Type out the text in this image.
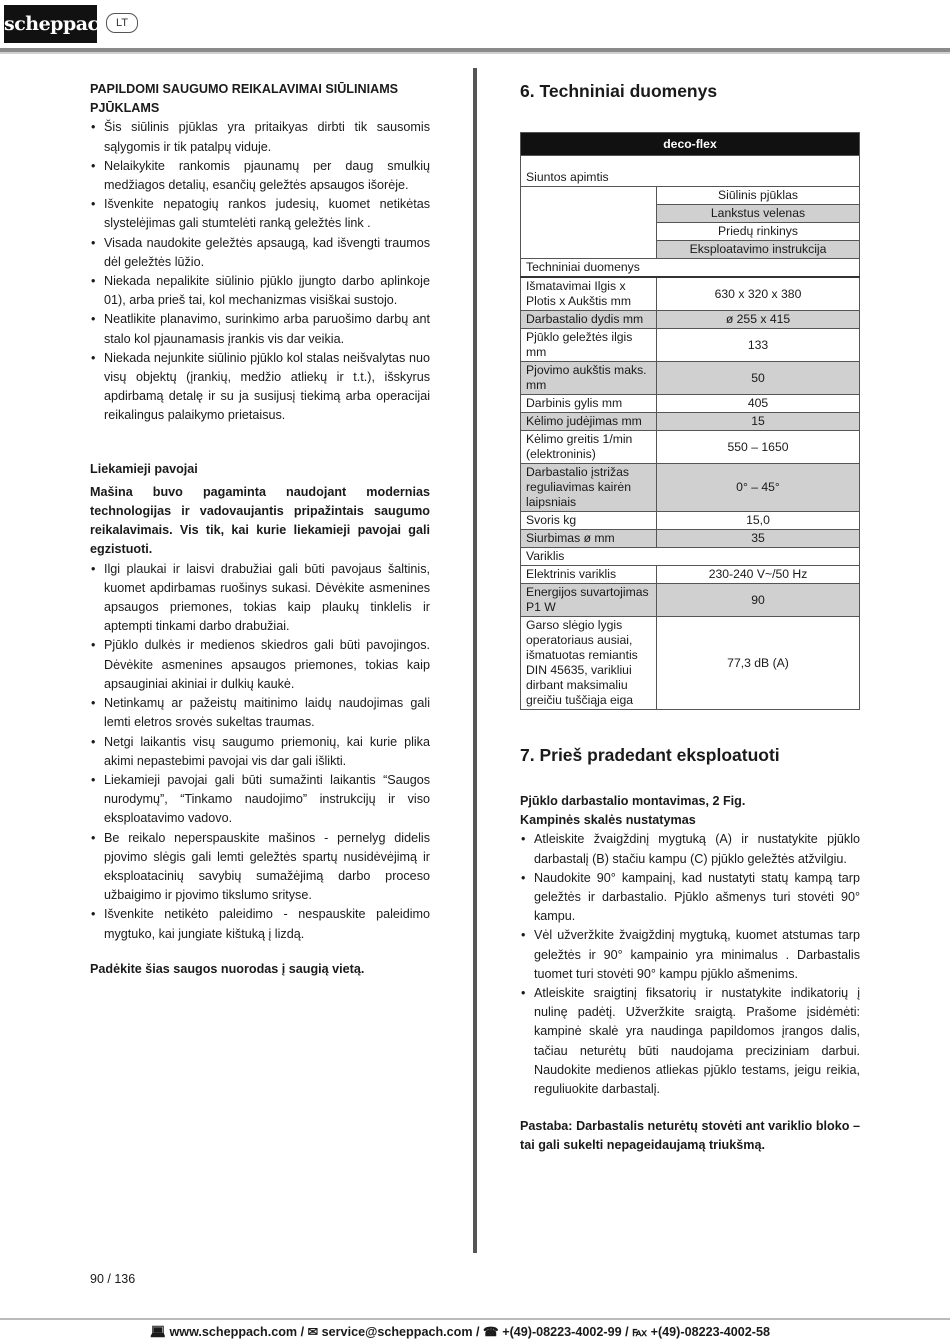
scheppach LT
PAPILDOMI SAUGUMO REIKALAVIMAI SIŪLINIAMS PJŪKLAMS
• Šis siūlinis pjūklas yra pritaikyas dirbti tik sausomis sąlygomis ir tik patalpų viduje.
• Nelaikykite rankomis pjaunamų per daug smulkių medžiagos detalių, esančių geležtės apsaugos išorėje.
• Išvenkite nepatogių rankos judesių, kuomet netikėtas slystelėjimas gali stumtelėti ranką geležtės link .
• Visada naudokite geležtės apsaugą, kad išvengti traumos dėl geležtės lūžio.
• Niekada nepalikite siūlinio pjūklo įjungto darbo aplinkoje 01), arba prieš tai, kol mechanizmas visiškai sustojo.
• Neatlikite planavimo, surinkimo arba paruošimo darbų ant stalo kol pjaunamasis įrankis vis dar veikia.
• Niekada nejunkite siūlinio pjūklo kol stalas neišvalytas nuo visų objektų (įrankių, medžio atliekų ir t.t.), išskyrus apdirbamą detalę ir su ja susijusį tiekimą arba operacijai reikalingus palaikymo prietaisus.
Liekamieji pavojai
Mašina buvo pagaminta naudojant modernias technologijas ir vadovaujantis pripažintais saugumo reikalavimais. Vis tik, kai kurie liekamieji pavojai gali egzistuoti.
• Ilgi plaukai ir laisvi drabužiai gali būti pavojaus šaltinis, kuomet apdirbamas ruošinys sukasi. Dėvėkite asmenines apsaugos priemones, tokias kaip plaukų tinklelis ir aptempti tinkami darbo drabužiai.
• Pjūklo dulkės ir medienos skiedros gali būti pavojingos. Dėvėkite asmenines apsaugos priemones, tokias kaip apsauginiai akiniai ir dulkių kaukė.
• Netinkamų ar pažeistų maitinimo laidų naudojimas gali lemti eletros srovės sukeltas traumas.
• Netgi laikantis visų saugumo priemonių, kai kurie plika akimi nepastebimi pavojai vis dar gali išlikti.
• Liekamieji pavojai gali būti sumažinti laikantis “Saugos nurodymų”, “Tinkamo naudojimo” instrukcijų ir viso eksploatavimo vadovo.
• Be reikalo neperspauskite mašinos - pernelyg didelis pjovimo slėgis gali lemti geležtės spartų nusidėvėjimą ir eksploatacinių savybių sumažėjimą darbo proceso užbaigimo ir pjovimo tikslumo srityse.
• Išvenkite netikėto paleidimo - nespauskite paleidimo mygtuko, kai jungiate kištuką į lizdą.
Padėkite šias saugos nuorodas į saugią vietą.
6. Techniniai duomenys
deco-flex	
Siuntos apimtis	
	Siūlinis pjūklas
	Lankstus velenas
	Priedų rinkinys
	Eksploatavimo instrukcija
Techniniai duomenys	
Išmatavimai Ilgis x Plotis x Aukštis mm	630 x 320 x 380
Darbastalio dydis mm	ø 255 x 415
Pjūklo geležtės ilgis mm	133
Pjovimo aukštis maks. mm	50
Darbinis gylis mm	405
Kėlimo judėjimas mm	15
Kėlimo greitis 1/min (elektroninis)	550 – 1650
Darbastalio įstrižas reguliavimas kairėn laipsniais	0° – 45°
Svoris kg	15,0
Siurbimas ø mm	35
Variklis	
Elektrinis variklis	230-240 V~/50 Hz
Energijos suvartojimas P1 W	90
Garso slėgio lygis operatoriaus ausiai, išmatuotas remiantis DIN 45635, varikliui dirbant maksimaliu greičiu tuščiąja eiga	77,3 dB (A)
7. Prieš pradedant eksploatuoti
Pjūklo darbastalio montavimas, 2 Fig.
Kampinės skalės nustatymas
• Atleiskite žvaigždinį mygtuką (A) ir nustatykite pjūklo darbastalį (B) stačiu kampu (C) pjūklo geležtės atžvilgiu.
• Naudokite 90° kampainį, kad nustatyti statų kampą tarp geležtės ir darbastalio. Pjūklo ašmenys turi stovėti 90° kampu.
• Vėl užveržkite žvaigždinį mygtuką, kuomet atstumas tarp geležtės ir 90° kampainio yra minimalus . Darbastalis tuomet turi stovėti 90° kampu pjūklo ašmenims.
• Atleiskite sraigtinį fiksatorių ir nustatykite indikatorių į nulinę padėtį. Užveržkite sraigtą. Prašome įsidėmėti: kampinė skalė yra naudinga papildomos įrangos dalis, tačiau neturėtų būti naudojama preciziniam darbui. Naudokite medienos atliekas pjūklo testams, jeigu reikia, reguliuokite darbastalį.
Pastaba: Darbastalis neturėtų stovėti ant variklio bloko – tai gali sukelti nepageidaujamą triukšmą.
90 / 136
💻︎ www.scheppach.com / ✉ service@scheppach.com / ☎ +(49)-08223-4002-99 / ℻ +(49)-08223-4002-58
